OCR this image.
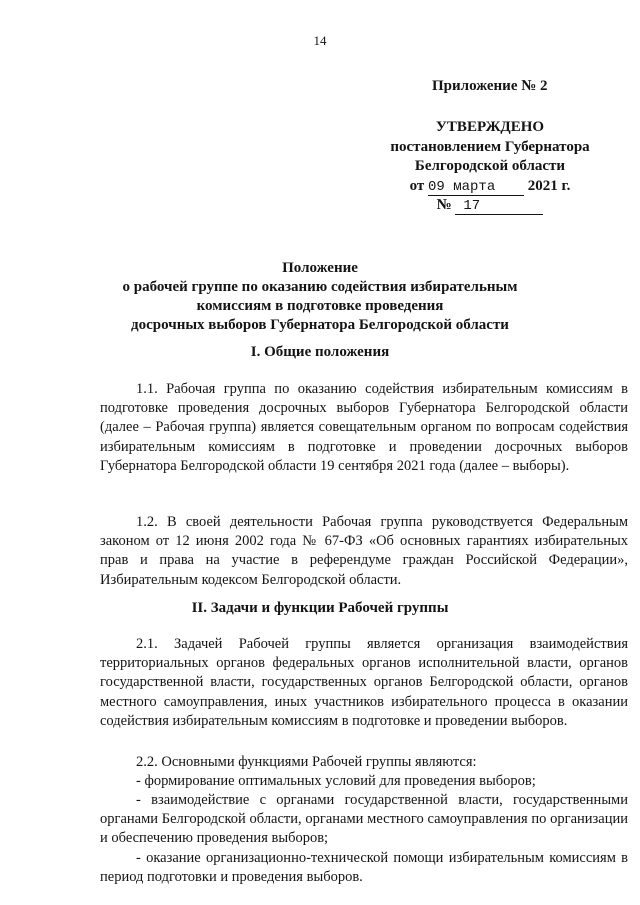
14
Приложение № 2
УТВЕРЖДЕНО
постановлением Губернатора
Белгородской области
от 09 марта 2021 г.
№ 17
Положение
о рабочей группе по оказанию содействия избирательным
комиссиям в подготовке проведения
досрочных выборов Губернатора Белгородской области
I. Общие положения

1.1. Рабочая группа по оказанию содействия избирательным комиссиям в подготовке проведения досрочных выборов Губернатора Белгородской области (далее – Рабочая группа) является совещательным органом по вопросам содействия избирательным комиссиям в подготовке и проведении досрочных выборов Губернатора Белгородской области 19 сентября 2021 года (далее – выборы).

1.2. В своей деятельности Рабочая группа руководствуется Федеральным законом от 12 июня 2002 года № 67-ФЗ «Об основных гарантиях избирательных прав и права на участие в референдуме граждан Российской Федерации», Избирательным кодексом Белгородской области.

II. Задачи и функции Рабочей группы

2.1. Задачей Рабочей группы является организация взаимодействия территориальных органов федеральных органов исполнительной власти, органов государственной власти, государственных органов Белгородской области, органов местного самоуправления, иных участников избирательного процесса в оказании содействия избирательным комиссиям в подготовке и проведении выборов.

2.2. Основными функциями Рабочей группы являются:

- формирование оптимальных условий для проведения выборов;

- взаимодействие с органами государственной власти, государственными органами Белгородской области, органами местного самоуправления по организации и обеспечению проведения выборов;

- оказание организационно-технической помощи избирательным комиссиям в период подготовки и проведения выборов.
